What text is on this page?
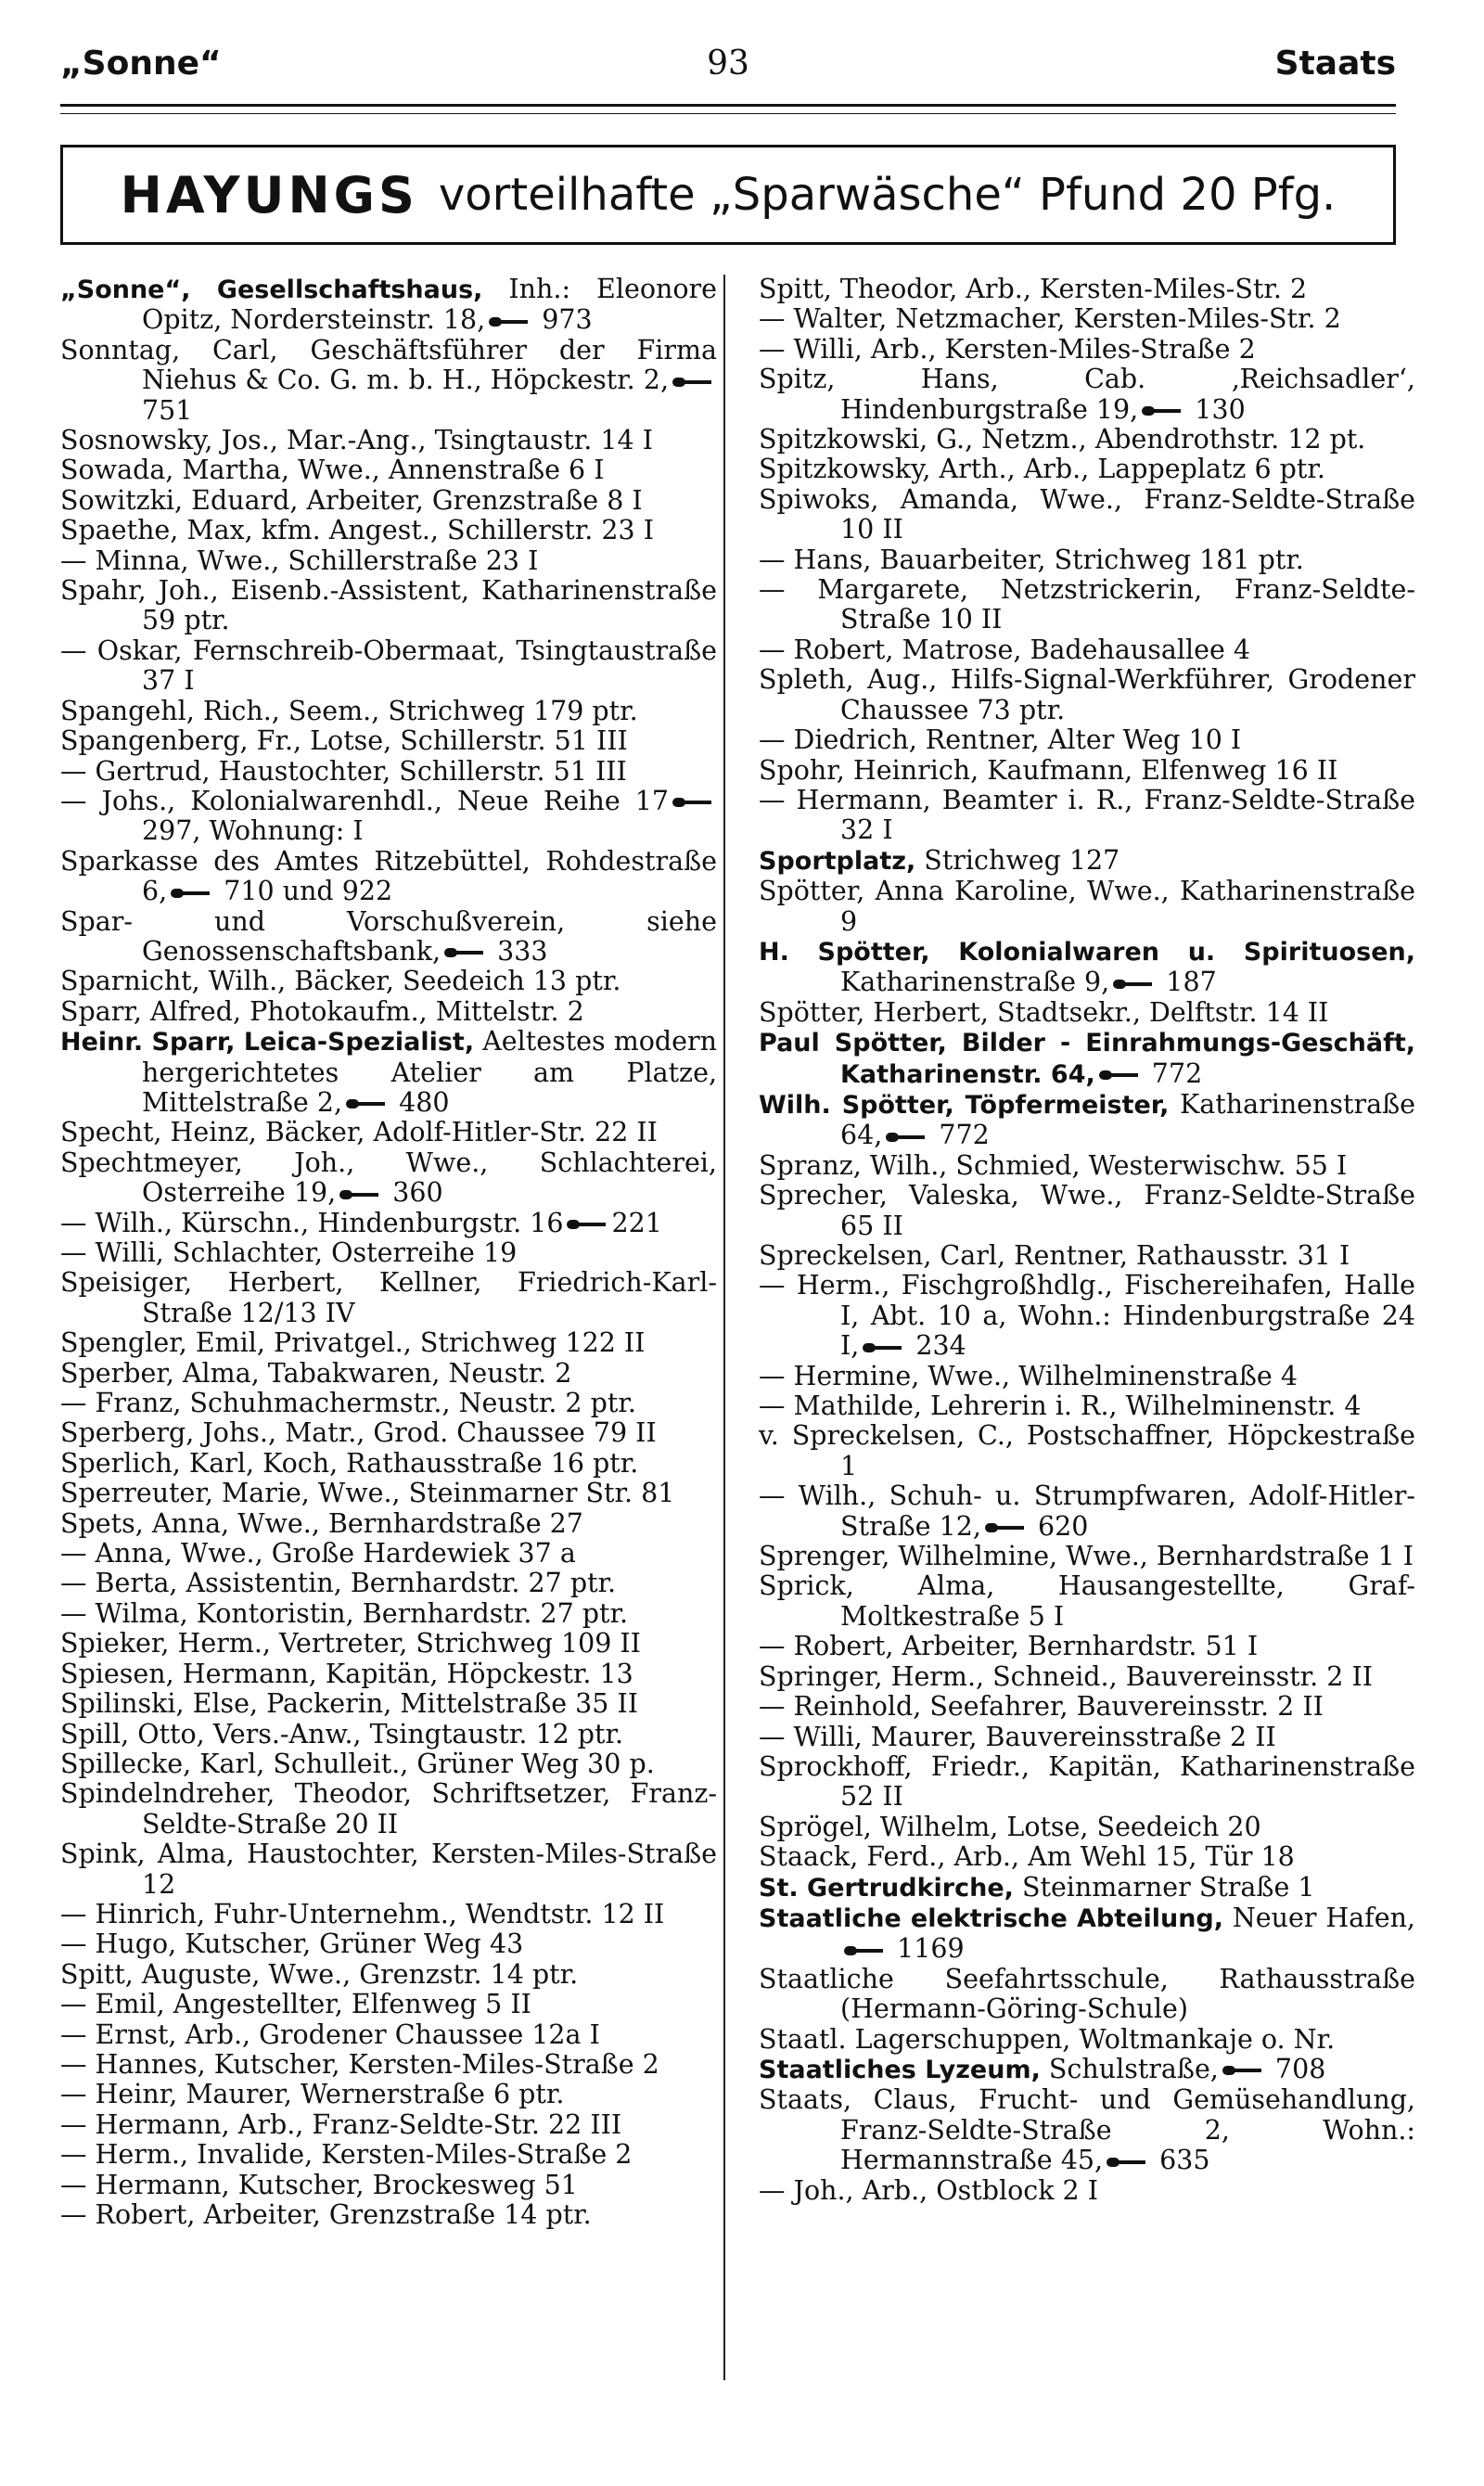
„Sonne“	93	Staats
HAYUNGS vorteilhafte „Sparwäsche“ Pfund 20 Pfg.
„Sonne“, Gesellschaftshaus, Inh.: Eleonore Opitz, Nordersteinstr. 18, 973
Sonntag, Carl, Geschäftsführer der Firma Niehus & Co. G. m. b. H., Höpckestr. 2, 751
Sosnowsky, Jos., Mar.-Ang., Tsingtaustr. 14 I
Sowada, Martha, Wwe., Annenstraße 6 I
Sowitzki, Eduard, Arbeiter, Grenzstraße 8 I
Spaethe, Max, kfm. Angest., Schillerstr. 23 I
— Minna, Wwe., Schillerstraße 23 I
Spahr, Joh., Eisenb.-Assistent, Katharinenstraße 59 ptr.
— Oskar, Fernschreib-Obermaat, Tsingtaustraße 37 I
Spangehl, Rich., Seem., Strichweg 179 ptr.
Spangenberg, Fr., Lotse, Schillerstr. 51 III
— Gertrud, Haustochter, Schillerstr. 51 III
— Johs., Kolonialwarenhdl., Neue Reihe 17 297, Wohnung: I
Sparkasse des Amtes Ritzebüttel, Rohdestraße 6, 710 und 922
Spar- und Vorschußverein, siehe Genossenschaftsbank, 333
Sparnicht, Wilh., Bäcker, Seedeich 13 ptr.
Sparr, Alfred, Photokaufm., Mittelstr. 2
Heinr. Sparr, Leica-Spezialist, Aeltestes modern hergerichtetes Atelier am Platze, Mittelstraße 2, 480
Specht, Heinz, Bäcker, Adolf-Hitler-Str. 22 II
Spechtmeyer, Joh., Wwe., Schlachterei, Osterreihe 19, 360
— Wilh., Kürschn., Hindenburgstr. 16 221
— Willi, Schlachter, Osterreihe 19
Speisiger, Herbert, Kellner, Friedrich-Karl-Straße 12/13 IV
Spengler, Emil, Privatgel., Strichweg 122 II
Sperber, Alma, Tabakwaren, Neustr. 2
— Franz, Schuhmachermstr., Neustr. 2 ptr.
Sperberg, Johs., Matr., Grod. Chaussee 79 II
Sperlich, Karl, Koch, Rathausstraße 16 ptr.
Sperreuter, Marie, Wwe., Steinmarner Str. 81
Spets, Anna, Wwe., Bernhardstraße 27
— Anna, Wwe., Große Hardewiek 37 a
— Berta, Assistentin, Bernhardstr. 27 ptr.
— Wilma, Kontoristin, Bernhardstr. 27 ptr.
Spieker, Herm., Vertreter, Strichweg 109 II
Spiesen, Hermann, Kapitän, Höpckestr. 13
Spilinski, Else, Packerin, Mittelstraße 35 II
Spill, Otto, Vers.-Anw., Tsingtaustr. 12 ptr.
Spillecke, Karl, Schulleit., Grüner Weg 30 p.
Spindelndreher, Theodor, Schriftsetzer, Franz-Seldte-Straße 20 II
Spink, Alma, Haustochter, Kersten-Miles-Straße 12
— Hinrich, Fuhr-Unternehm., Wendtstr. 12 II
— Hugo, Kutscher, Grüner Weg 43
Spitt, Auguste, Wwe., Grenzstr. 14 ptr.
— Emil, Angestellter, Elfenweg 5 II
— Ernst, Arb., Grodener Chaussee 12a I
— Hannes, Kutscher, Kersten-Miles-Straße 2
— Heinr, Maurer, Wernerstraße 6 ptr.
— Hermann, Arb., Franz-Seldte-Str. 22 III
— Herm., Invalide, Kersten-Miles-Straße 2
— Hermann, Kutscher, Brockesweg 51
— Robert, Arbeiter, Grenzstraße 14 ptr.
Spitt, Theodor, Arb., Kersten-Miles-Str. 2
— Walter, Netzmacher, Kersten-Miles-Str. 2
— Willi, Arb., Kersten-Miles-Straße 2
Spitz, Hans, Cab. ‚Reichsadler‘, Hindenburgstraße 19, 130
Spitzkowski, G., Netzm., Abendrothstr. 12 pt.
Spitzkowsky, Arth., Arb., Lappeplatz 6 ptr.
Spiwoks, Amanda, Wwe., Franz-Seldte-Straße 10 II
— Hans, Bauarbeiter, Strichweg 181 ptr.
— Margarete, Netzstrickerin, Franz-Seldte-Straße 10 II
— Robert, Matrose, Badehausallee 4
Spleth, Aug., Hilfs-Signal-Werkführer, Grodener Chaussee 73 ptr.
— Diedrich, Rentner, Alter Weg 10 I
Spohr, Heinrich, Kaufmann, Elfenweg 16 II
— Hermann, Beamter i. R., Franz-Seldte-Straße 32 I
Sportplatz, Strichweg 127
Spötter, Anna Karoline, Wwe., Katharinenstraße 9
H. Spötter, Kolonialwaren u. Spirituosen, Katharinenstraße 9, 187
Spötter, Herbert, Stadtsekr., Delftstr. 14 II
Paul Spötter, Bilder - Einrahmungs-Geschäft, Katharinenstr. 64, 772
Wilh. Spötter, Töpfermeister, Katharinenstraße 64, 772
Spranz, Wilh., Schmied, Westerwischw. 55 I
Sprecher, Valeska, Wwe., Franz-Seldte-Straße 65 II
Spreckelsen, Carl, Rentner, Rathausstr. 31 I
— Herm., Fischgroßhdlg., Fischereihafen, Halle I, Abt. 10 a, Wohn.: Hindenburgstraße 24 I, 234
— Hermine, Wwe., Wilhelminenstraße 4
— Mathilde, Lehrerin i. R., Wilhelminenstr. 4
v. Spreckelsen, C., Postschaffner, Höpckestraße 1
— Wilh., Schuh- u. Strumpfwaren, Adolf-Hitler-Straße 12, 620
Sprenger, Wilhelmine, Wwe., Bernhardstraße 1 I
Sprick, Alma, Hausangestellte, Graf-Moltkestraße 5 I
— Robert, Arbeiter, Bernhardstr. 51 I
Springer, Herm., Schneid., Bauvereinsstr. 2 II
— Reinhold, Seefahrer, Bauvereinsstr. 2 II
— Willi, Maurer, Bauvereinsstraße 2 II
Sprockhoff, Friedr., Kapitän, Katharinenstraße 52 II
Sprögel, Wilhelm, Lotse, Seedeich 20
Staack, Ferd., Arb., Am Wehl 15, Tür 18
St. Gertrudkirche, Steinmarner Straße 1
Staatliche elektrische Abteilung, Neuer Hafen, 1169
Staatliche Seefahrtsschule, Rathausstraße (Hermann-Göring-Schule)
Staatl. Lagerschuppen, Woltmankaje o. Nr.
Staatliches Lyzeum, Schulstraße, 708
Staats, Claus, Frucht- und Gemüsehandlung, Franz-Seldte-Straße 2, Wohn.: Hermannstraße 45, 635
— Joh., Arb., Ostblock 2 I
